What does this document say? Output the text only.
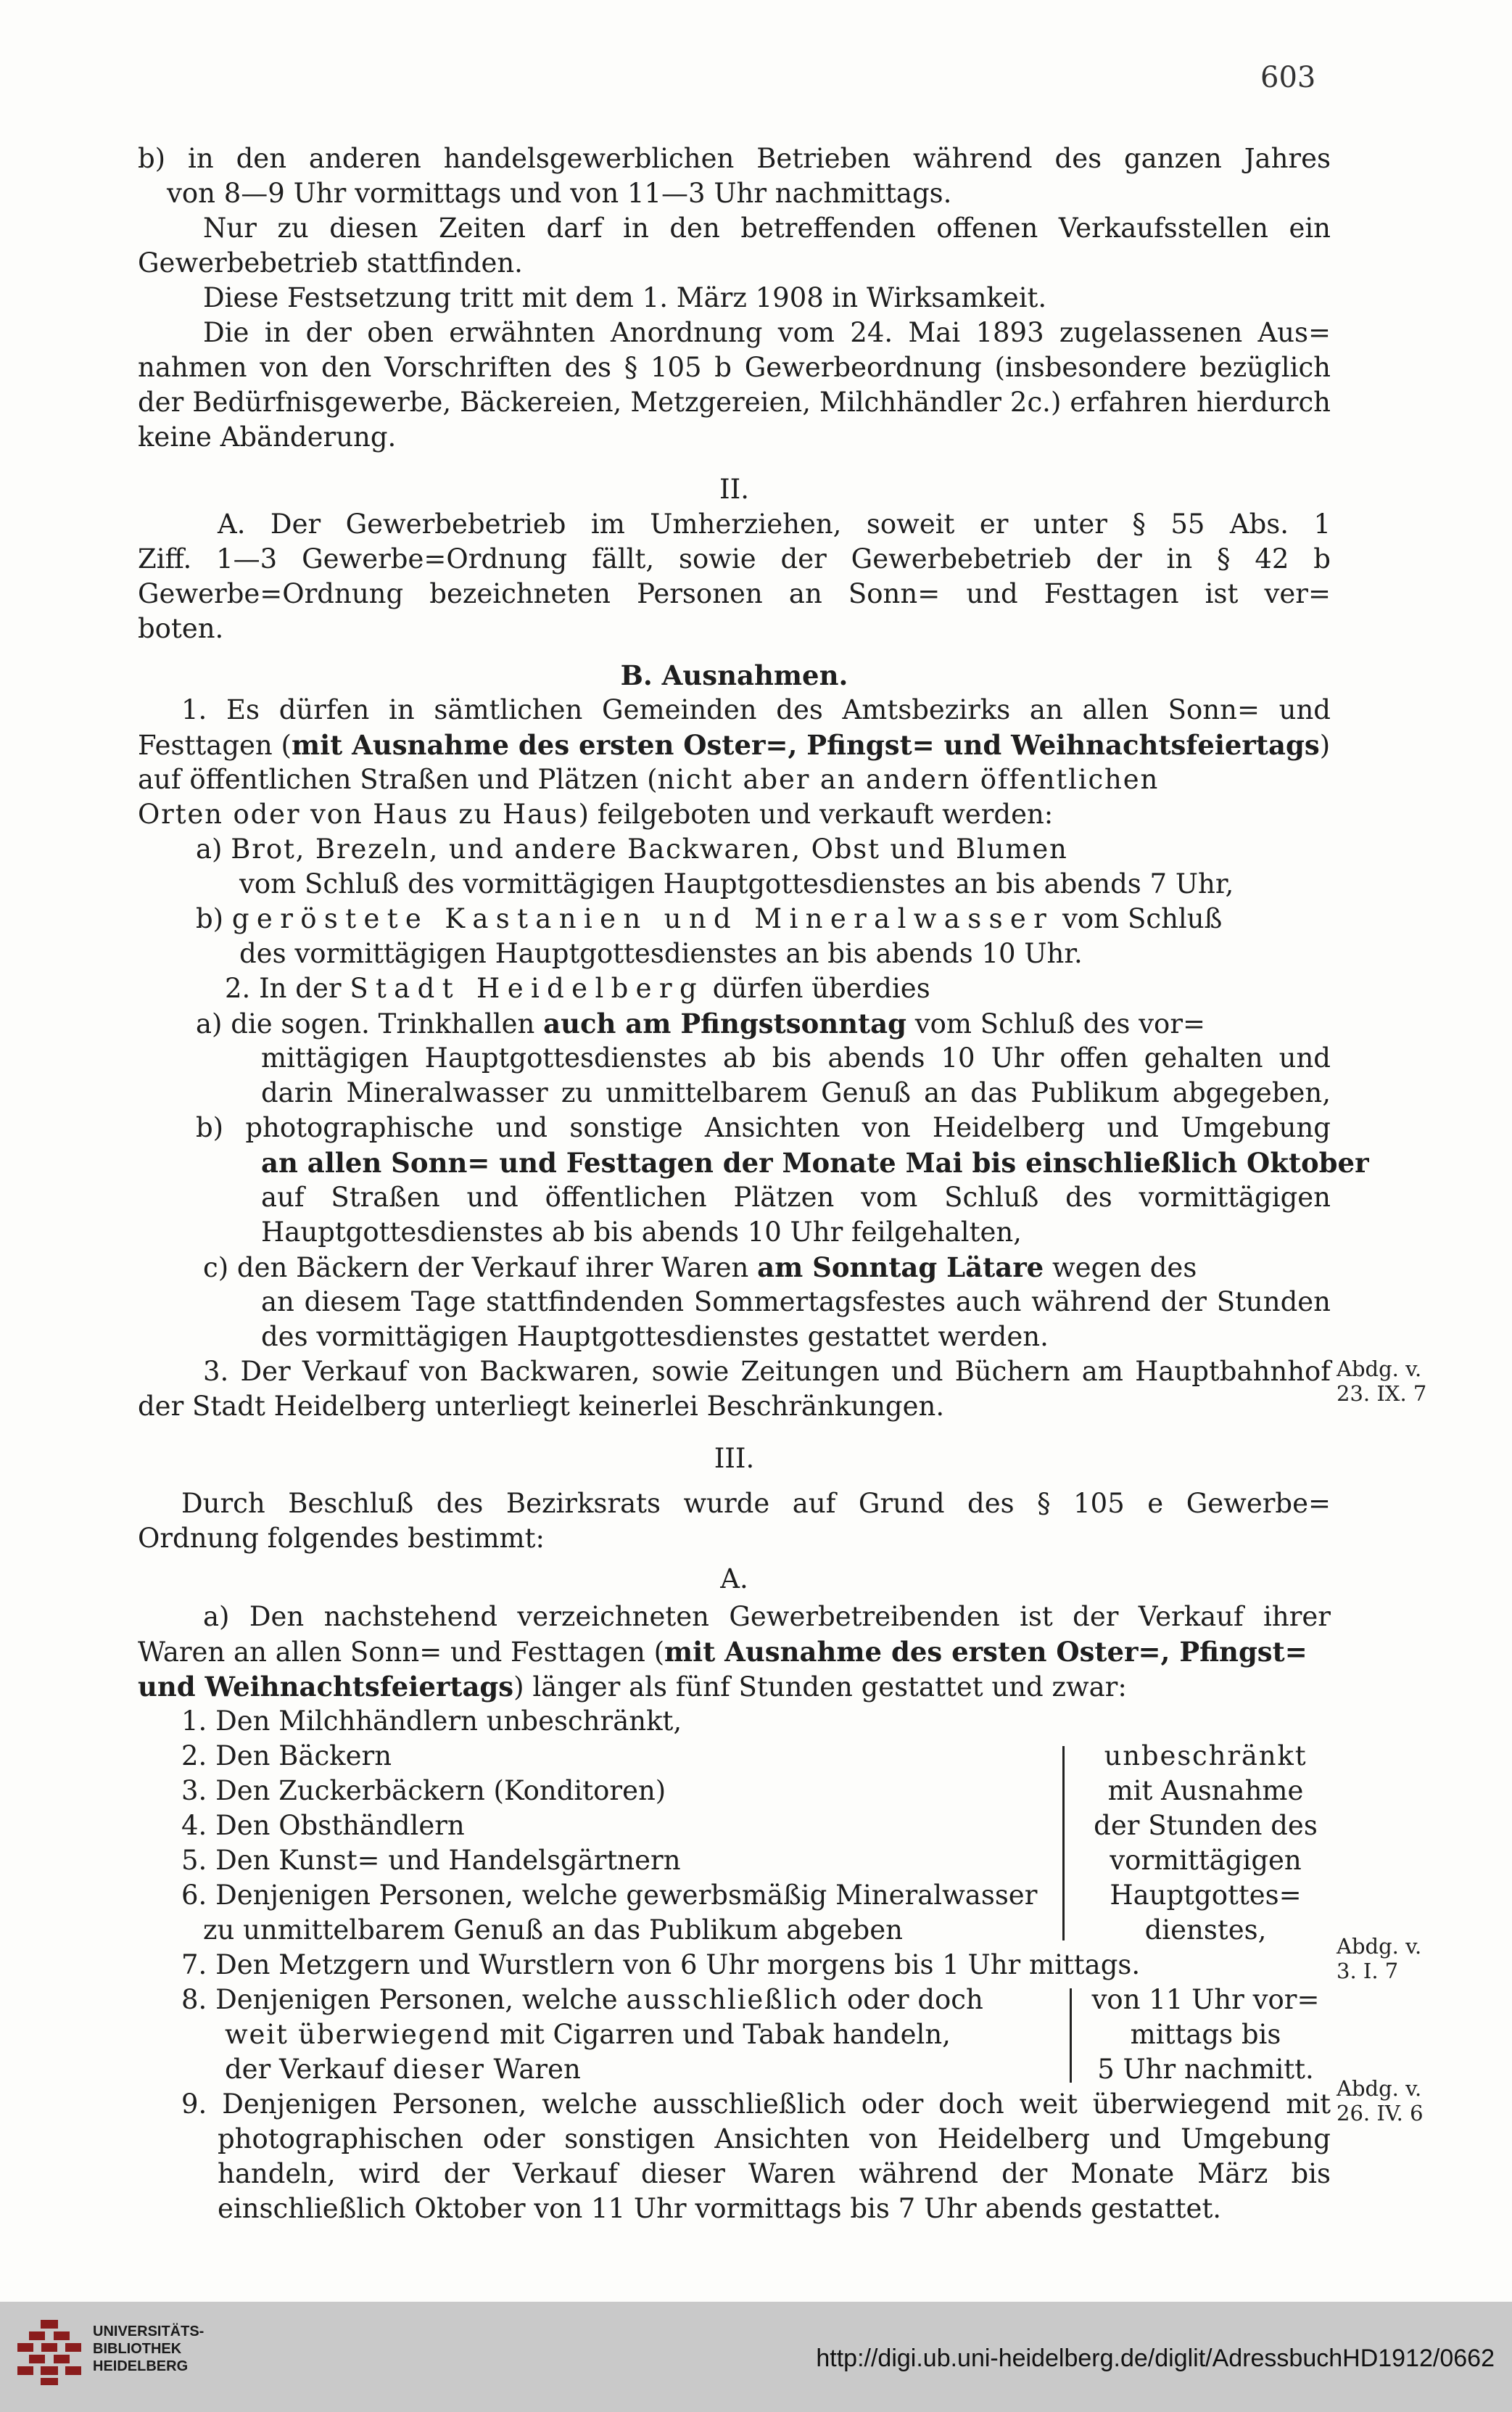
603
b) in den anderen handelsgewerblichen Betrieben während des ganzen Jahres
von 8—9 Uhr vormittags und von 11—3 Uhr nachmittags.
Nur zu diesen Zeiten darf in den betreffenden offenen Verkaufsstellen ein
Gewerbebetrieb stattfinden.
Diese Festsetzung tritt mit dem 1. März 1908 in Wirksamkeit.
Die in der oben erwähnten Anordnung vom 24. Mai 1893 zugelassenen Aus=
nahmen von den Vorschriften des § 105 b Gewerbeordnung (insbesondere bezüglich
der Bedürfnisgewerbe, Bäckereien, Metzgereien, Milchhändler 2c.) erfahren hierdurch
keine Abänderung.
II.
A. Der Gewerbebetrieb im Umherziehen, soweit er unter § 55 Abs. 1
Ziff. 1—3 Gewerbe=Ordnung fällt, sowie der Gewerbebetrieb der in § 42 b
Gewerbe=Ordnung bezeichneten Personen an Sonn= und Festtagen ist ver=
boten.
B. Ausnahmen.
1. Es dürfen in sämtlichen Gemeinden des Amtsbezirks an allen Sonn= und
Festtagen (mit Ausnahme des ersten Oster=, Pfingst= und Weihnachtsfeiertags)
auf öffentlichen Straßen und Plätzen (nicht aber an andern öffentlichen
Orten oder von Haus zu Haus) feilgeboten und verkauft werden:
a) Brot, Brezeln, und andere Backwaren, Obst und Blumen
vom Schluß des vormittägigen Hauptgottesdienstes an bis abends 7 Uhr,
b) geröstete Kastanien und Mineralwasser vom Schluß
des vormittägigen Hauptgottesdienstes an bis abends 10 Uhr.
2. In der Stadt Heidelberg dürfen überdies
a) die sogen. Trinkhallen auch am Pfingstsonntag vom Schluß des vor=
mittägigen Hauptgottesdienstes ab bis abends 10 Uhr offen gehalten und
darin Mineralwasser zu unmittelbarem Genuß an das Publikum abgegeben,
b) photographische und sonstige Ansichten von Heidelberg und Umgebung
an allen Sonn= und Festtagen der Monate Mai bis einschließlich Oktober
auf Straßen und öffentlichen Plätzen vom Schluß des vormittägigen
Hauptgottesdienstes ab bis abends 10 Uhr feilgehalten,
c) den Bäckern der Verkauf ihrer Waren am Sonntag Lätare wegen des
an diesem Tage stattfindenden Sommertagsfestes auch während der Stunden
des vormittägigen Hauptgottesdienstes gestattet werden.
3. Der Verkauf von Backwaren, sowie Zeitungen und Büchern am Hauptbahnhof
der Stadt Heidelberg unterliegt keinerlei Beschränkungen.
III.
Durch Beschluß des Bezirksrats wurde auf Grund des § 105 e Gewerbe=
Ordnung folgendes bestimmt:
A.
a) Den nachstehend verzeichneten Gewerbetreibenden ist der Verkauf ihrer
Waren an allen Sonn= und Festtagen (mit Ausnahme des ersten Oster=, Pfingst=
und Weihnachtsfeiertags) länger als fünf Stunden gestattet und zwar:
1. Den Milchhändlern unbeschränkt,
2. Den Bäckern
3. Den Zuckerbäckern (Konditoren)
4. Den Obsthändlern
5. Den Kunst= und Handelsgärtnern
6. Denjenigen Personen, welche gewerbsmäßig Mineralwasser
zu unmittelbarem Genuß an das Publikum abgeben
unbeschränkt
mit Ausnahme
der Stunden des
vormittägigen
Hauptgottes=
dienstes,
7. Den Metzgern und Wurstlern von 6 Uhr morgens bis 1 Uhr mittags.
8. Denjenigen Personen, welche ausschließlich oder doch
weit überwiegend mit Cigarren und Tabak handeln,
der Verkauf dieser Waren
von 11 Uhr vor=
mittags bis
5 Uhr nachmitt.
9. Denjenigen Personen, welche ausschließlich oder doch weit überwiegend mit
photographischen oder sonstigen Ansichten von Heidelberg und Umgebung
handeln, wird der Verkauf dieser Waren während der Monate März bis
einschließlich Oktober von 11 Uhr vormittags bis 7 Uhr abends gestattet.
Abdg. v.
23. IX. 7
Abdg. v.
3. I. 7
Abdg. v.
26. IV. 6
UNIVERSITÄTS-
BIBLIOTHEK
HEIDELBERG	http://digi.ub.uni-heidelberg.de/diglit/AdressbuchHD1912/0662
